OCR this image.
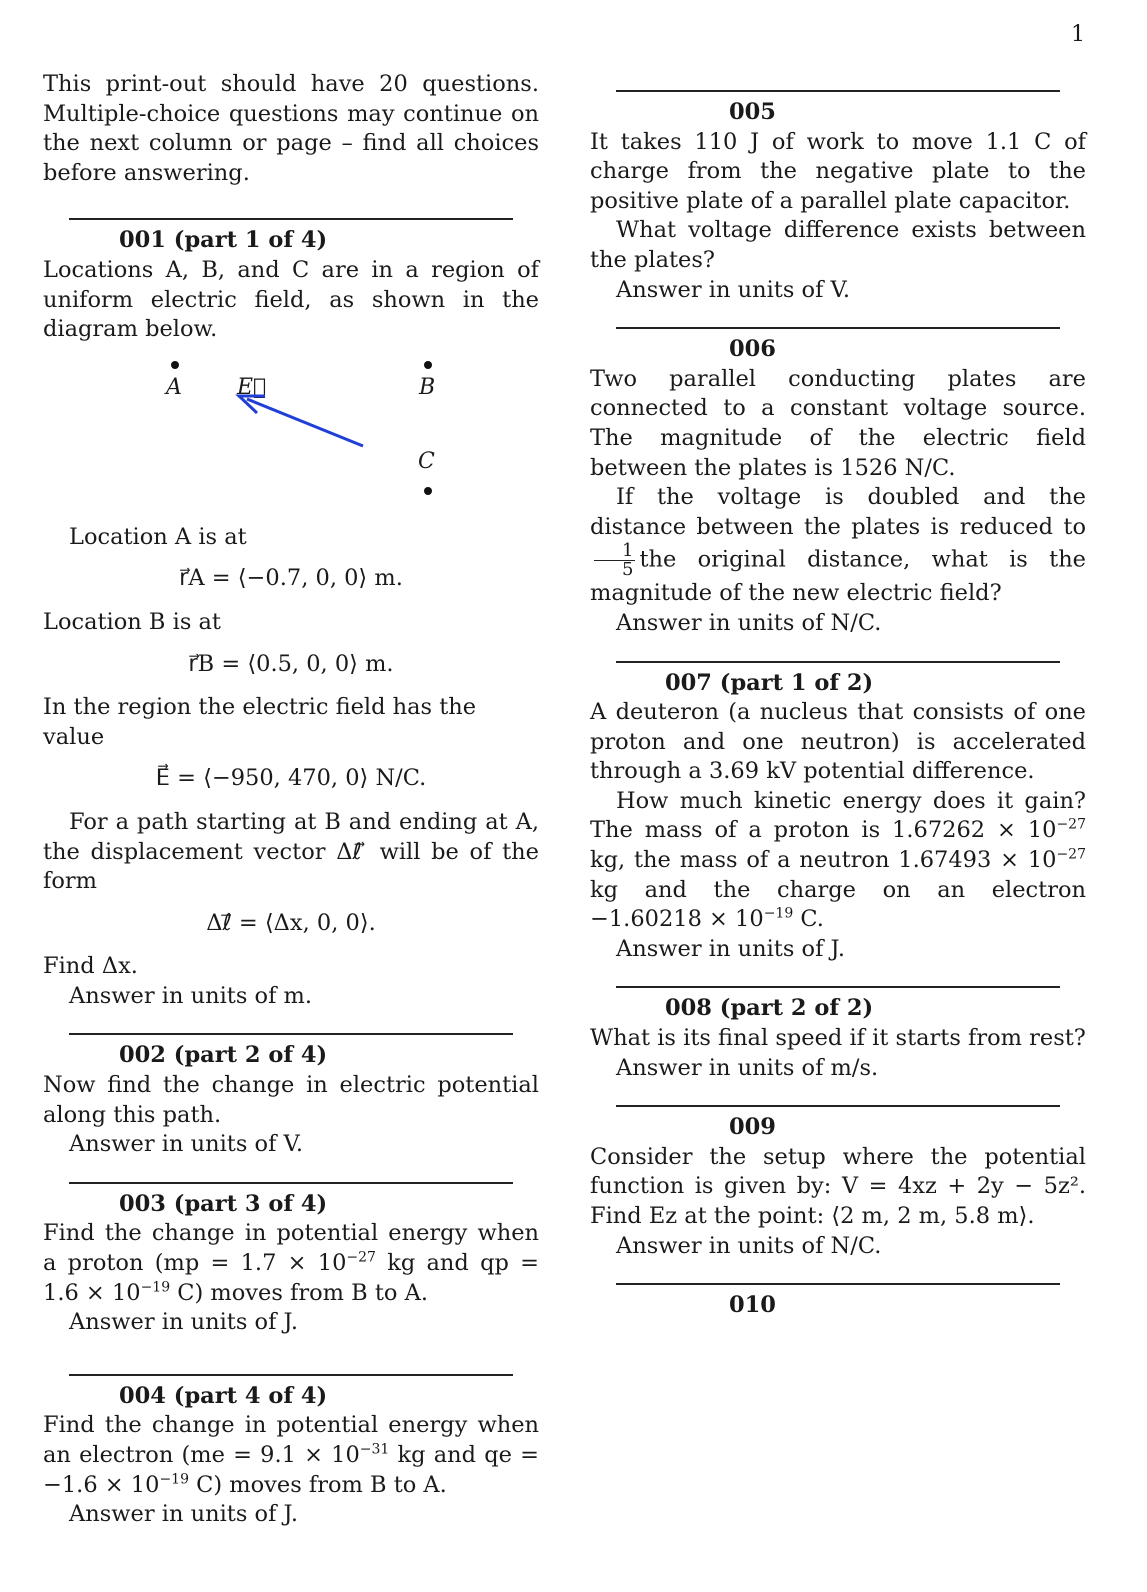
1

This print-out should have 20 questions. Multiple-choice questions may continue on the next column or page – find all choices before answering.

001 (part 1 of 4)

Locations A, B, and C are in a region of uniform electric field, as shown in the diagram below.

A	E⃗	B
C

Location A is at

r⃗A = ⟨−0.7, 0, 0⟩ m.

Location B is at

r⃗B = ⟨0.5, 0, 0⟩ m.

In the region the electric field has the value

E⃗ = ⟨−950, 470, 0⟩ N/C.

For a path starting at B and ending at A, the displacement vector Δℓ⃗ will be of the form

Δℓ⃗ = ⟨Δx, 0, 0⟩.

Find Δx.

Answer in units of m.

002 (part 2 of 4)

Now find the change in electric potential along this path.

Answer in units of V.

003 (part 3 of 4)

Find the change in potential energy when a proton ($mp = 1.7 \times 10^{-27}$ kg and qp = $1.6 \times 10^{-19}$ C) moves from B to A.

Answer in units of J.

004 (part 4 of 4)

Find the change in potential energy when an electron ($me = 9.1 \times 10^{-31}$ kg and qe = $-1.6 \times 10^{-19}$ C) moves from B to A.

Answer in units of J.

005

It takes 110 J of work to move 1.1 C of charge from the negative plate to the positive plate of a parallel plate capacitor.

What voltage difference exists between the plates?

Answer in units of V.

006

Two parallel conducting plates are connected to a constant voltage source. The magnitude of the electric field between the plates is 1526 N/C.

If the voltage is doubled and the distance between the plates is reduced to
$\frac{1}{5}$ the original distance, what is the magnitude of the new electric field?

Answer in units of N/C.

007 (part 1 of 2)

A deuteron (a nucleus that consists of one proton and one neutron) is accelerated through a 3.69 kV potential difference.

How much kinetic energy does it gain? The mass of a proton is $1.67262 \times 10^{-27}$ kg, the mass of a neutron $1.67493 \times 10^{-27}$ kg and the charge on an electron $-1.60218 \times 10^{-19}$ C.

Answer in units of J.

008 (part 2 of 2)

What is its final speed if it starts from rest?

Answer in units of m/s.

009

Consider the setup where the potential function is given by: V = 4xz + 2y − 5z². Find Ez at the point: ⟨2 m, 2 m, 5.8 m⟩.

Answer in units of N/C.

010
